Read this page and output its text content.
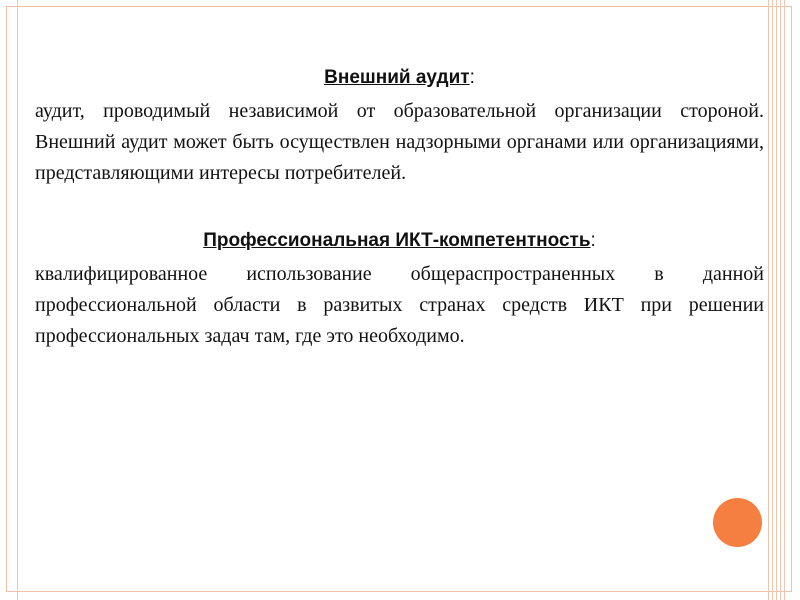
Внешний аудит:

аудит, проводимый независимой от образовательной организации стороной. Внешний аудит может быть осуществлен надзорными органами или организациями, представляющими интересы потребителей.

Профессиональная ИКТ-компетентность:

квалифицированное использование общераспространенных в данной профессиональной области в развитых странах средств ИКТ при решении профессиональных задач там, где это необходимо.
